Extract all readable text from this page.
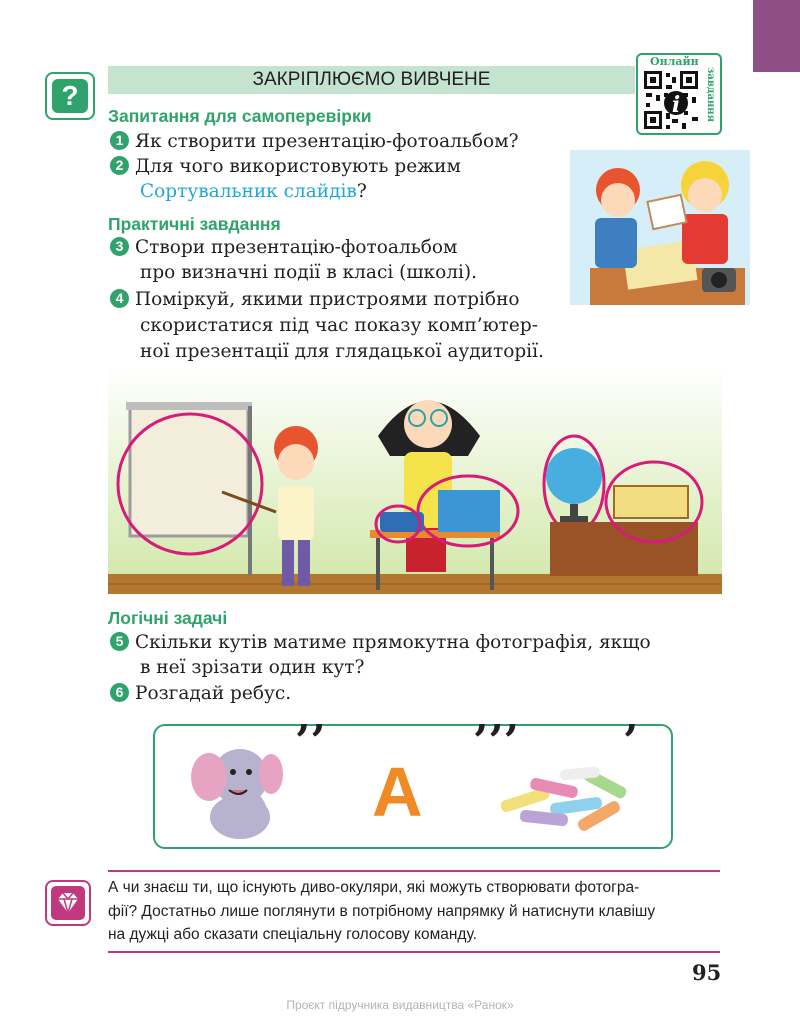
?
ЗАКРІПЛЮЄМО ВИВЧЕНЕ
Онлайн
i завдання
Запитання для самоперевірки
1 Як створити презентацію-фотоальбом?
2 Для чого використовують режим
Сортувальник слайдів?
Практичні завдання
3 Створи презентацію-фотоальбом
про визначні події в класі (школі).
4 Поміркуй, якими пристроями потрібно
скористатися під час показу комп’ютер-
ної презентації для глядацької аудиторії.
Логічні задачі
5 Скільки кутів матиме прямокутна фотографія, якщо
в неї зрізати один кут?
6 Розгадай ребус.
’’
А
’’’ ’
А чи знаєш ти, що існують диво-окуляри, які можуть створювати фотогра-
фії? Достатньо лише поглянути в потрібному напрямку й натиснути клавішу
на дужці або сказати спеціальну голосову команду.
95
Проєкт підручника видавництва «Ранок»
